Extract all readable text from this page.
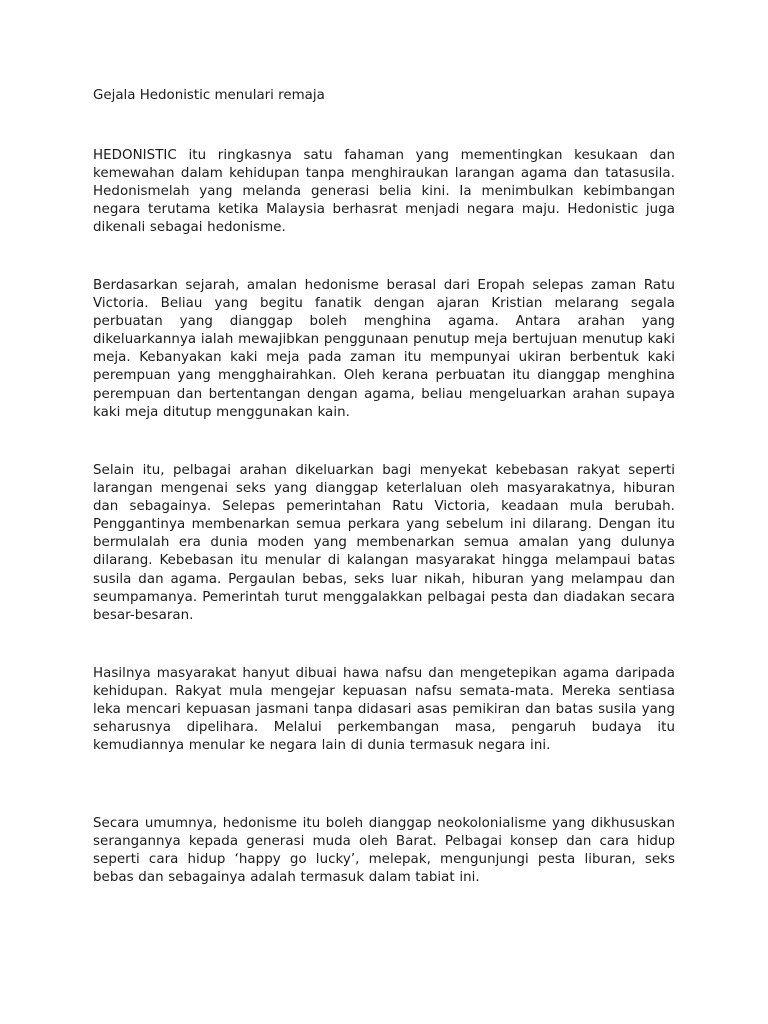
Gejala Hedonistic menulari remaja

HEDONISTIC itu ringkasnya satu fahaman yang mementingkan kesukaan dan kemewahan dalam kehidupan tanpa menghiraukan larangan agama dan tatasusila. Hedonismelah yang melanda generasi belia kini. Ia menimbulkan kebimbangan negara terutama ketika Malaysia berhasrat menjadi negara maju. Hedonistic juga dikenali sebagai hedonisme.

Berdasarkan sejarah, amalan hedonisme berasal dari Eropah selepas zaman Ratu Victoria. Beliau yang begitu fanatik dengan ajaran Kristian melarang segala perbuatan yang dianggap boleh menghina agama. Antara arahan yang dikeluarkannya ialah mewajibkan penggunaan penutup meja bertujuan menutup kaki meja. Kebanyakan kaki meja pada zaman itu mempunyai ukiran berbentuk kaki perempuan yang mengghairahkan. Oleh kerana perbuatan itu dianggap menghina perempuan dan bertentangan dengan agama, beliau mengeluarkan arahan supaya kaki meja ditutup menggunakan kain.

Selain itu, pelbagai arahan dikeluarkan bagi menyekat kebebasan rakyat seperti larangan mengenai seks yang dianggap keterlaluan oleh masyarakatnya, hiburan dan sebagainya. Selepas pemerintahan Ratu Victoria, keadaan mula berubah. Penggantinya membenarkan semua perkara yang sebelum ini dilarang. Dengan itu bermulalah era dunia moden yang membenarkan semua amalan yang dulunya dilarang. Kebebasan itu menular di kalangan masyarakat hingga melampaui batas susila dan agama. Pergaulan bebas, seks luar nikah, hiburan yang melampau dan seumpamanya. Pemerintah turut menggalakkan pelbagai pesta dan diadakan secara besar-besaran.

Hasilnya masyarakat hanyut dibuai hawa nafsu dan mengetepikan agama daripada kehidupan. Rakyat mula mengejar kepuasan nafsu semata-mata. Mereka sentiasa leka mencari kepuasan jasmani tanpa didasari asas pemikiran dan batas susila yang seharusnya dipelihara. Melalui perkembangan masa, pengaruh budaya itu kemudiannya menular ke negara lain di dunia termasuk negara ini.

Secara umumnya, hedonisme itu boleh dianggap neokolonialisme yang dikhususkan serangannya kepada generasi muda oleh Barat. Pelbagai konsep dan cara hidup seperti cara hidup ‘happy go lucky’, melepak, mengunjungi pesta liburan, seks bebas dan sebagainya adalah termasuk dalam tabiat ini.
